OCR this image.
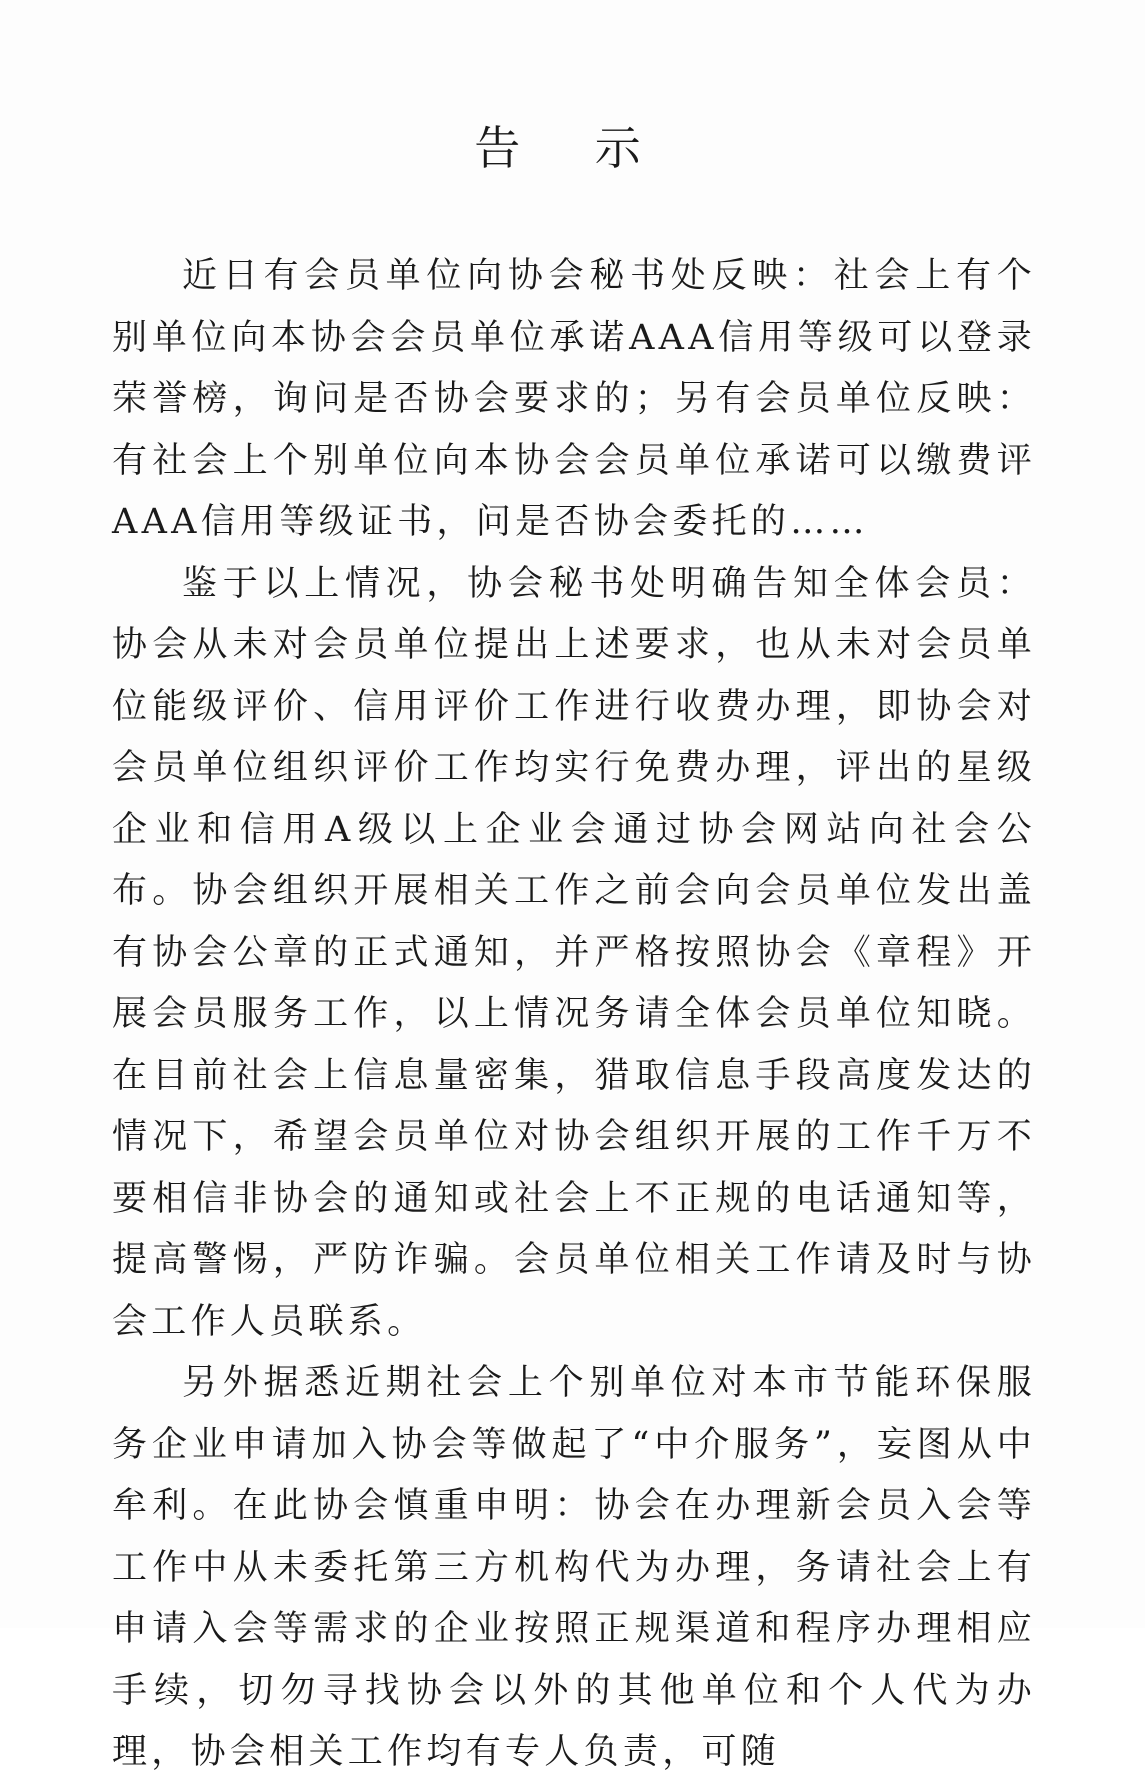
告 示

近日有会员单位向协会秘书处反映：社会上有个别单位向本协会会员单位承诺AAA信用等级可以登录荣誉榜，询问是否协会要求的；另有会员单位反映：有社会上个别单位向本协会会员单位承诺可以缴费评AAA信用等级证书，问是否协会委托的……

鉴于以上情况，协会秘书处明确告知全体会员：协会从未对会员单位提出上述要求，也从未对会员单位能级评价、信用评价工作进行收费办理，即协会对会员单位组织评价工作均实行免费办理，评出的星级企业和信用A级以上企业会通过协会网站向社会公布。协会组织开展相关工作之前会向会员单位发出盖有协会公章的正式通知，并严格按照协会《章程》开展会员服务工作，以上情况务请全体会员单位知晓。在目前社会上信息量密集，猎取信息手段高度发达的情况下，希望会员单位对协会组织开展的工作千万不要相信非协会的通知或社会上不正规的电话通知等，提高警惕，严防诈骗。会员单位相关工作请及时与协会工作人员联系。

另外据悉近期社会上个别单位对本市节能环保服务企业申请加入协会等做起了“中介服务”，妄图从中牟利。在此协会慎重申明：协会在办理新会员入会等工作中从未委托第三方机构代为办理，务请社会上有申请入会等需求的企业按照正规渠道和程序办理相应手续，切勿寻找协会以外的其他单位和个人代为办理，协会相关工作均有专人负责，可随
